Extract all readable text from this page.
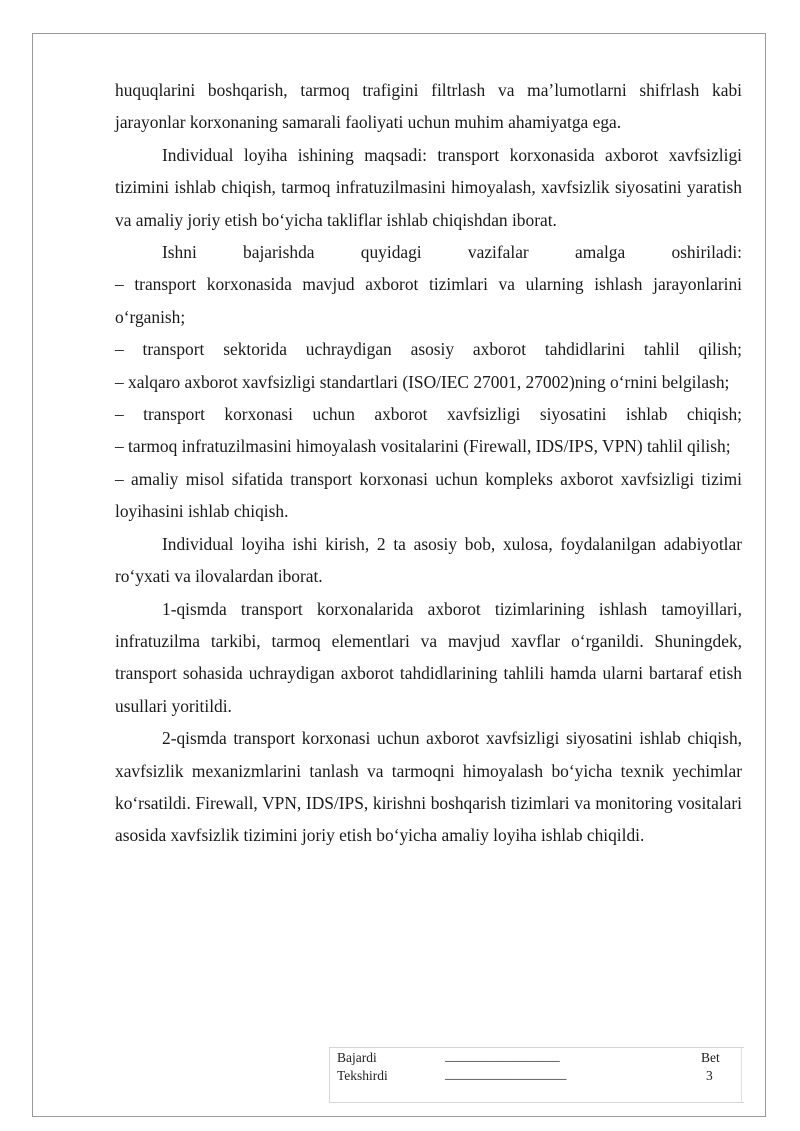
huquqlarini boshqarish, tarmoq trafigini filtrlash va ma’lumotlarni shifrlash kabi jarayonlar korxonaning samarali faoliyati uchun muhim ahamiyatga ega.

Individual loyiha ishining maqsadi: transport korxonasida axborot xavfsizligi tizimini ishlab chiqish, tarmoq infratuzilmasini himoyalash, xavfsizlik siyosatini yaratish va amaliy joriy etish bo‘yicha takliflar ishlab chiqishdan iborat.

Ishni bajarishda quyidagi vazifalar amalga oshiriladi:

– transport korxonasida mavjud axborot tizimlari va ularning ishlash jarayonlarini o‘rganish;

– transport sektorida uchraydigan asosiy axborot tahdidlarini tahlil qilish;

– xalqaro axborot xavfsizligi standartlari (ISO/IEC 27001, 27002)ning o‘rnini belgilash;

– transport korxonasi uchun axborot xavfsizligi siyosatini ishlab chiqish;

– tarmoq infratuzilmasini himoyalash vositalarini (Firewall, IDS/IPS, VPN) tahlil qilish;

– amaliy misol sifatida transport korxonasi uchun kompleks axborot xavfsizligi tizimi loyihasini ishlab chiqish.

Individual loyiha ishi kirish, 2 ta asosiy bob, xulosa, foydalanilgan adabiyotlar ro‘yxati va ilovalardan iborat.

1-qismda transport korxonalarida axborot tizimlarining ishlash tamoyillari, infratuzilma tarkibi, tarmoq elementlari va mavjud xavflar o‘rganildi. Shuningdek, transport sohasida uchraydigan axborot tahdidlarining tahlili hamda ularni bartaraf etish usullari yoritildi.

2-qismda transport korxonasi uchun axborot xavfsizligi siyosatini ishlab chiqish, xavfsizlik mexanizmlarini tanlash va tarmoqni himoyalash bo‘yicha texnik yechimlar ko‘rsatildi. Firewall, VPN, IDS/IPS, kirishni boshqarish tizimlari va monitoring vositalari asosida xavfsizlik tizimini joriy etish bo‘yicha amaliy loyiha ishlab chiqildi.

Bajardi	_________________
Tekshirdi	__________________
Bet
3
